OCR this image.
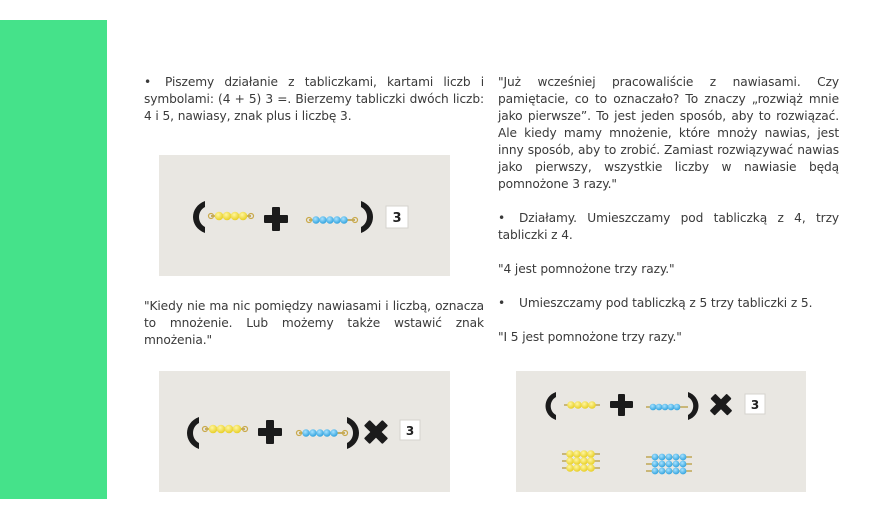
• Piszemy działanie z tabliczkami, kartami liczb i symbolami: (4 + 5) 3 =. Bierzemy tabliczki dwóch liczb: 4 i 5, nawiasy, znak plus i liczbę 3.
3
"Kiedy nie ma nic pomiędzy nawiasami i liczbą, oznacza to mnożenie. Lub możemy także wstawić znak mnożenia."
"Już wcześniej pracowaliście z nawiasami. Czy pamiętacie, co to oznaczało? To znaczy „rozwiąż mnie jako pierwsze”. To jest jeden sposób, aby to rozwiązać. Ale kiedy mamy mnożenie, które mnoży nawias, jest inny sposób, aby to zrobić. Zamiast rozwiązywać nawias jako pierwszy, wszystkie liczby w nawiasie będą pomnożone 3 razy."
• Działamy. Umieszczamy pod tabliczką z 4, trzy tabliczki z 4.
"4 jest pomnożone trzy razy."
• Umieszczamy pod tabliczką z 5 trzy tabliczki z 5.
"I 5 jest pomnożone trzy razy."
3
3
